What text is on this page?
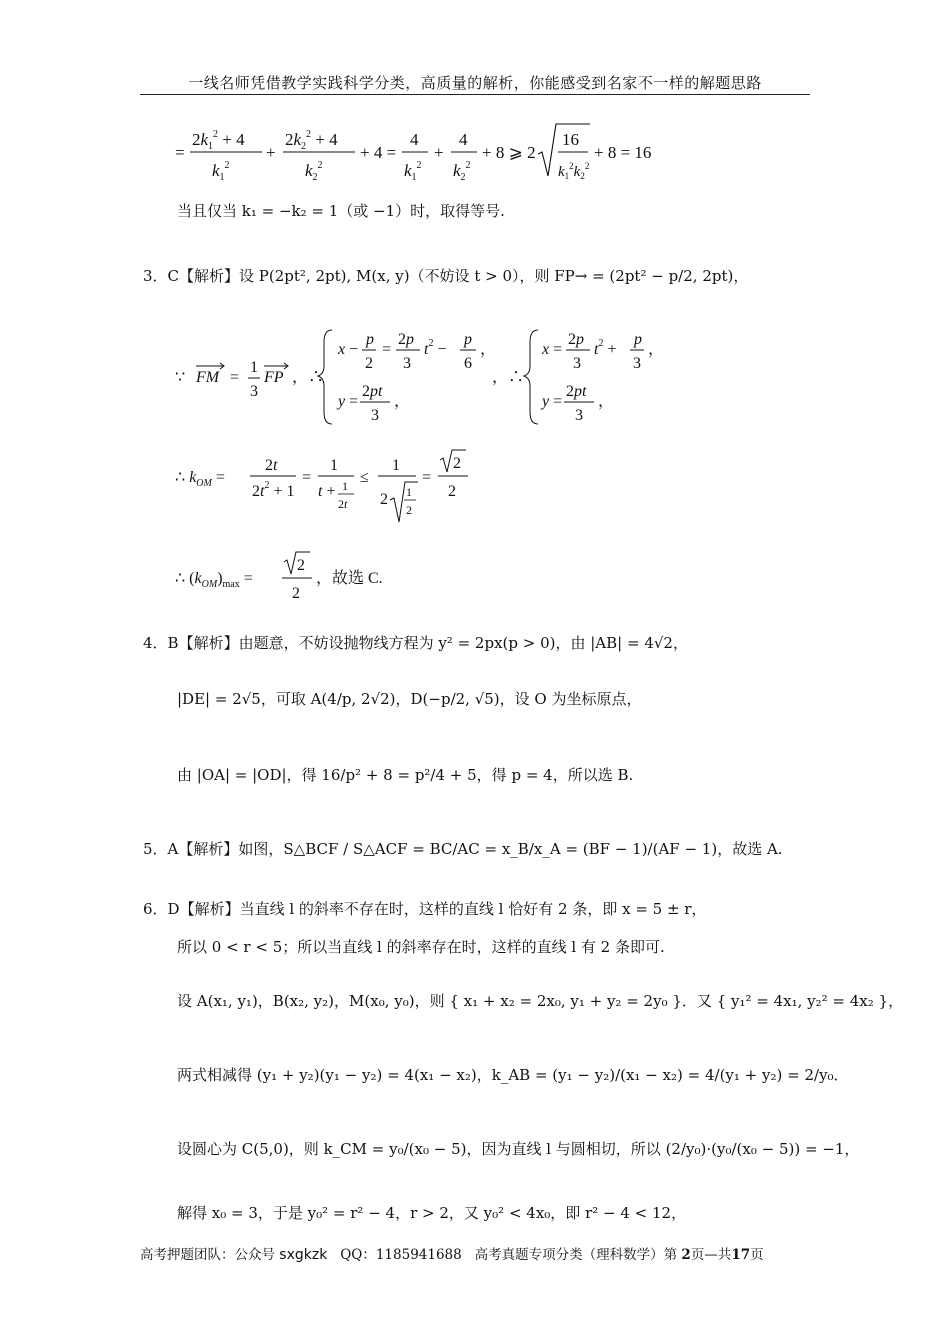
一线名师凭借教学实践科学分类，高质量的解析，你能感受到名家不一样的解题思路
=
$2k_1^2 + 4$
$k_1^2$
+
$2k_2^2 + 4$
$k_2^2$
+ 4 =
4
$k_1^2$
+
4
$k_2^2$
+ 8 ⩾ 2
16
$k_1^2k_2^2$
+ 8 = 16
当且仅当 k₁ = −k₂ = 1（或 −1）时，取得等号.
3．C【解析】设 P(2pt², 2pt), M(x, y)（不妨设 t > 0），则 FP→ = (2pt² − p/2, 2pt)，
∵ FM =
1
3
FP ，∴
x −
p
2
=
2p
3
$t^2$ −
p
6
，
y =
2pt
3
，
，∴
x =
2p
3
$t^2$ +
p
3
，
y =
2pt
3
，
∴ $k_{OM}$ =
2t
$2t^2 + 1$
=
1
t + 1
2t
≤
1
2 1
2
=
2
2
∴ $(k_{OM})_{max}$ =
2
2
，故选 C.
4．B【解析】由题意，不妨设抛物线方程为 y² = 2px(p > 0)，由 |AB| = 4√2，
|DE| = 2√5，可取 A(4/p, 2√2)，D(−p/2, √5)，设 O 为坐标原点，
由 |OA| = |OD|，得 16/p² + 8 = p²/4 + 5，得 p = 4，所以选 B.
5．A【解析】如图，S△BCF / S△ACF = BC/AC = x_B/x_A = (BF − 1)/(AF − 1)，故选 A.
6．D【解析】当直线 l 的斜率不存在时，这样的直线 l 恰好有 2 条，即 x = 5 ± r，
所以 0 < r < 5；所以当直线 l 的斜率存在时，这样的直线 l 有 2 条即可.
设 A(x₁, y₁)，B(x₂, y₂)，M(x₀, y₀)，则 { x₁ + x₂ = 2x₀, y₁ + y₂ = 2y₀ }．又 { y₁² = 4x₁, y₂² = 4x₂ }，
两式相减得 (y₁ + y₂)(y₁ − y₂) = 4(x₁ − x₂)，k_AB = (y₁ − y₂)/(x₁ − x₂) = 4/(y₁ + y₂) = 2/y₀．
设圆心为 C(5,0)，则 k_CM = y₀/(x₀ − 5)，因为直线 l 与圆相切，所以 (2/y₀)·(y₀/(x₀ − 5)) = −1，
解得 x₀ = 3，于是 y₀² = r² − 4，r > 2，又 y₀² < 4x₀，即 r² − 4 < 12，
高考押题团队：公众号 sxgkzk QQ：1185941688 高考真题专项分类（理科数学）第 2页—共17页
